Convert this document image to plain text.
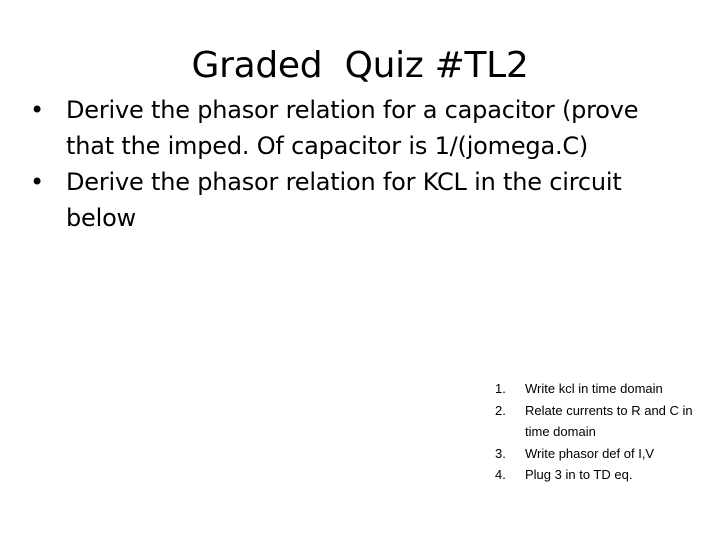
Graded  Quiz #TL2
• Derive the phasor relation for a capacitor (prove that the imped. Of capacitor is 1/(jomega.C)
• Derive the phasor relation for KCL in the circuit below
1. Write kcl in time domain
2. Relate currents to R and C in time domain
3. Write phasor def of I,V
4. Plug 3 in to TD eq.
